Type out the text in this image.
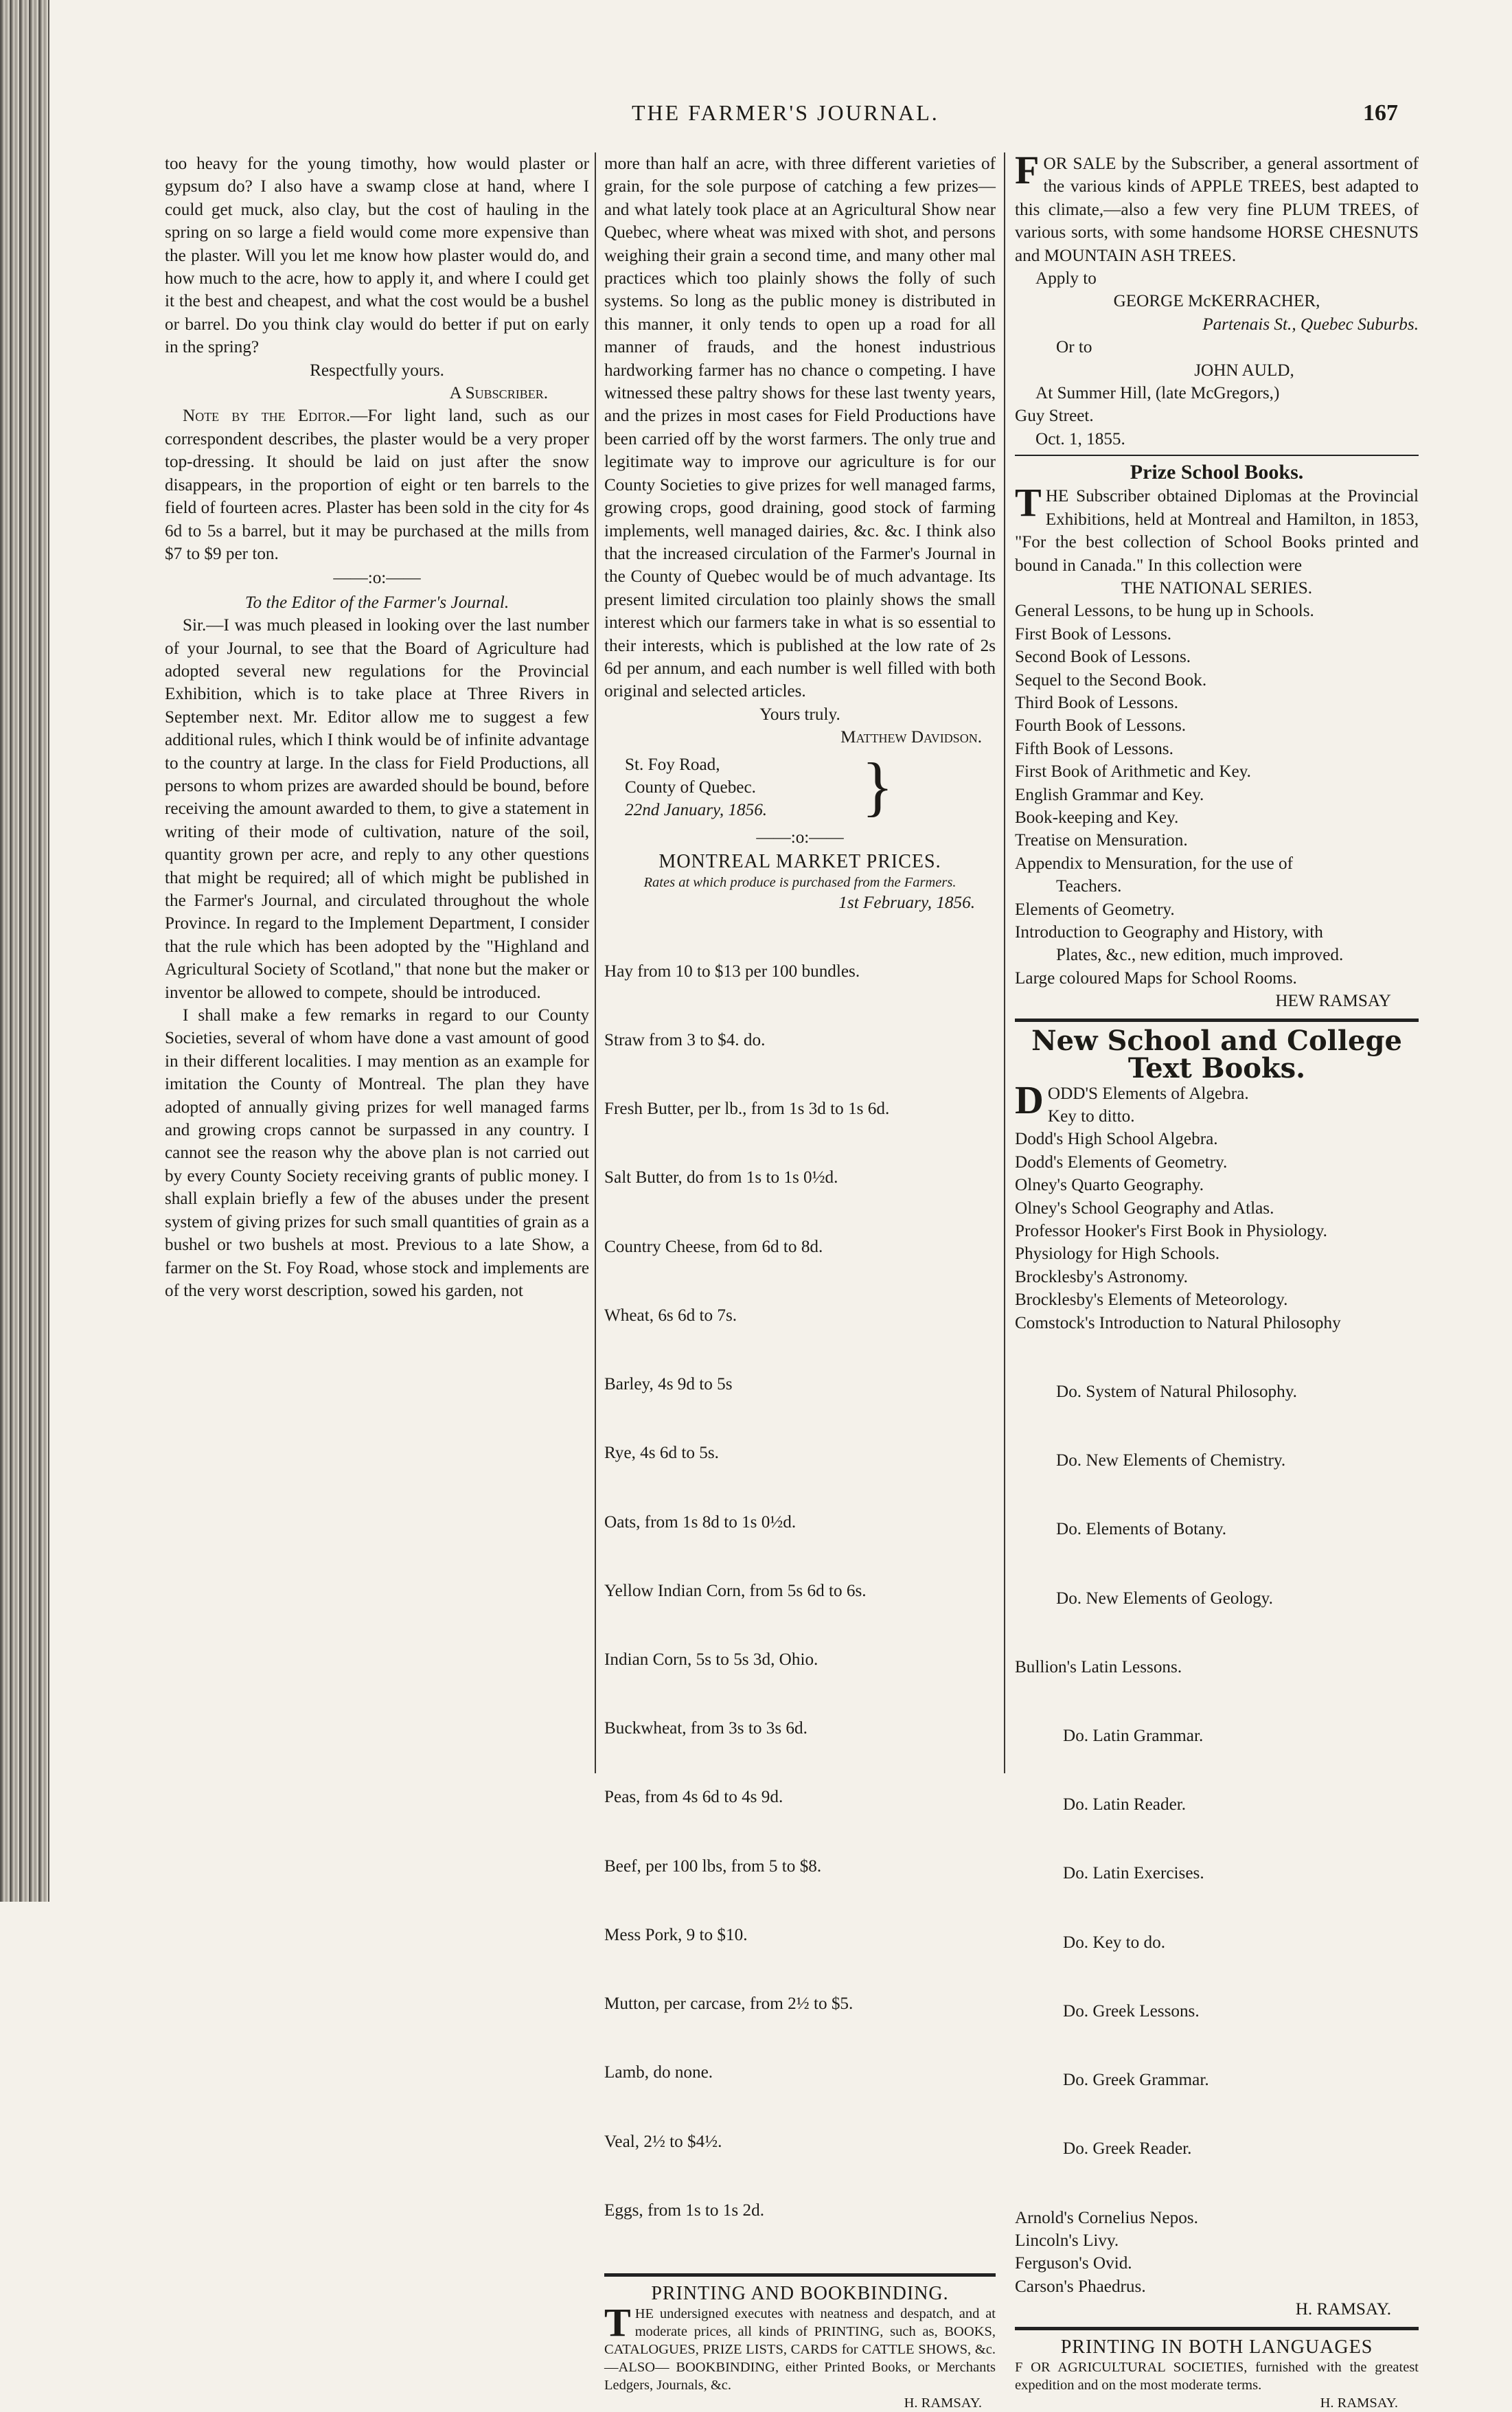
THE FARMER'S JOURNAL.	167

too heavy for the young timothy, how would plaster or gypsum do? I also have a swamp close at hand, where I could get muck, also clay, but the cost of hauling in the spring on so large a field would come more expensive than the plaster. Will you let me know how plaster would do, and how much to the acre, how to apply it, and where I could get it the best and cheapest, and what the cost would be a bushel or barrel. Do you think clay would do better if put on early in the spring?

Respectfully yours.

A Subscriber.

Note by the Editor.—For light land, such as our correspondent describes, the plaster would be a very proper top-dressing. It should be laid on just after the snow disappears, in the proportion of eight or ten barrels to the field of fourteen acres. Plaster has been sold in the city for 4s 6d to 5s a barrel, but it may be purchased at the mills from $7 to $9 per ton.

——:o:——

To the Editor of the Farmer's Journal.

Sir.—I was much pleased in looking over the last number of your Journal, to see that the Board of Agriculture had adopted several new regulations for the Provincial Exhibition, which is to take place at Three Rivers in September next. Mr. Editor allow me to suggest a few additional rules, which I think would be of infinite advantage to the country at large. In the class for Field Productions, all persons to whom prizes are awarded should be bound, before receiving the amount awarded to them, to give a statement in writing of their mode of cultivation, nature of the soil, quantity grown per acre, and reply to any other questions that might be required; all of which might be published in the Farmer's Journal, and circulated throughout the whole Province. In regard to the Implement Department, I consider that the rule which has been adopted by the "Highland and Agricultural Society of Scotland," that none but the maker or inventor be allowed to compete, should be introduced.

I shall make a few remarks in regard to our County Societies, several of whom have done a vast amount of good in their different localities. I may mention as an example for imitation the County of Montreal. The plan they have adopted of annually giving prizes for well managed farms and growing crops cannot be surpassed in any country. I cannot see the reason why the above plan is not carried out by every County Society receiving grants of public money. I shall explain briefly a few of the abuses under the present system of giving prizes for such small quantities of grain as a bushel or two bushels at most. Previous to a late Show, a farmer on the St. Foy Road, whose stock and implements are of the very worst description, sowed his garden, not

more than half an acre, with three different varieties of grain, for the sole purpose of catching a few prizes—and what lately took place at an Agricultural Show near Quebec, where wheat was mixed with shot, and persons weighing their grain a second time, and many other mal practices which too plainly shows the folly of such systems. So long as the public money is distributed in this manner, it only tends to open up a road for all manner of frauds, and the honest industrious hardworking farmer has no chance o competing. I have witnessed these paltry shows for these last twenty years, and the prizes in most cases for Field Productions have been carried off by the worst farmers. The only true and legitimate way to improve our agriculture is for our County Societies to give prizes for well managed farms, growing crops, good draining, good stock of farming implements, well managed dairies, &c. &c. I think also that the increased circulation of the Farmer's Journal in the County of Quebec would be of much advantage. Its present limited circulation too plainly shows the small interest which our farmers take in what is so essential to their interests, which is published at the low rate of 2s 6d per annum, and each number is well filled with both original and selected articles.

Yours truly.

Matthew Davidson.

St. Foy Road,

County of Quebec.

22nd January, 1856.	}

——:o:——

MONTREAL MARKET PRICES.

Rates at which produce is purchased from the Farmers.

1st February, 1856.

Hay from 10 to $13 per 100 bundles.

Straw from 3 to $4. do.

Fresh Butter, per lb., from 1s 3d to 1s 6d.

Salt Butter, do from 1s to 1s 0½d.

Country Cheese, from 6d to 8d.

Wheat, 6s 6d to 7s.

Barley, 4s 9d to 5s

Rye, 4s 6d to 5s.

Oats, from 1s 8d to 1s 0½d.

Yellow Indian Corn, from 5s 6d to 6s.

Indian Corn, 5s to 5s 3d, Ohio.

Buckwheat, from 3s to 3s 6d.

Peas, from 4s 6d to 4s 9d.

Beef, per 100 lbs, from 5 to $8.

Mess Pork, 9 to $10.

Mutton, per carcase, from 2½ to $5.

Lamb, do none.

Veal, 2½ to $4½.

Eggs, from 1s to 1s 2d.

PRINTING AND BOOKBINDING.

THE undersigned executes with neatness and despatch, and at moderate prices, all kinds of PRINTING, such as, BOOKS, CATALOGUES, PRIZE LISTS, CARDS for CATTLE SHOWS, &c. —ALSO— BOOKBINDING, either Printed Books, or Merchants Ledgers, Journals, &c.

H. RAMSAY.

FOR SALE by the Subscriber, a general assortment of the various kinds of APPLE TREES, best adapted to this climate,—also a few very fine PLUM TREES, of various sorts, with some handsome HORSE CHESNUTS and MOUNTAIN ASH TREES.

Apply to

GEORGE McKERRACHER,

Partenais St., Quebec Suburbs.

Or to

JOHN AULD,

At Summer Hill, (late McGregors,)

Guy Street.

Oct. 1, 1855.

Prize School Books.

THE Subscriber obtained Diplomas at the Provincial Exhibitions, held at Montreal and Hamilton, in 1853, "For the best collection of School Books printed and bound in Canada." In this collection were

THE NATIONAL SERIES.

General Lessons, to be hung up in Schools.

First Book of Lessons.

Second Book of Lessons.

Sequel to the Second Book.

Third Book of Lessons.

Fourth Book of Lessons.

Fifth Book of Lessons.

First Book of Arithmetic and Key.

English Grammar and Key.

Book-keeping and Key.

Treatise on Mensuration.

Appendix to Mensuration, for the use of

Teachers.

Elements of Geometry.

Introduction to Geography and History, with

Plates, &c., new edition, much improved.

Large coloured Maps for School Rooms.

HEW RAMSAY

New School and College Text Books.

DODD'S Elements of Algebra.

Key to ditto.

Dodd's High School Algebra.

Dodd's Elements of Geometry.

Olney's Quarto Geography.

Olney's School Geography and Atlas.

Professor Hooker's First Book in Physiology.

Physiology for High Schools.

Brocklesby's Astronomy.

Brocklesby's Elements of Meteorology.

Comstock's Introduction to Natural Philosophy

Do. System of Natural Philosophy.

Do. New Elements of Chemistry.

Do. Elements of Botany.

Do. New Elements of Geology.

Bullion's Latin Lessons.

Do. Latin Grammar.

Do. Latin Reader.

Do. Latin Exercises.

Do. Key to do.

Do. Greek Lessons.

Do. Greek Grammar.

Do. Greek Reader.

Arnold's Cornelius Nepos.

Lincoln's Livy.

Ferguson's Ovid.

Carson's Phaedrus.

H. RAMSAY.

PRINTING IN BOTH LANGUAGES

F OR AGRICULTURAL SOCIETIES, furnished with the greatest expedition and on the most moderate terms.

H. RAMSAY.
